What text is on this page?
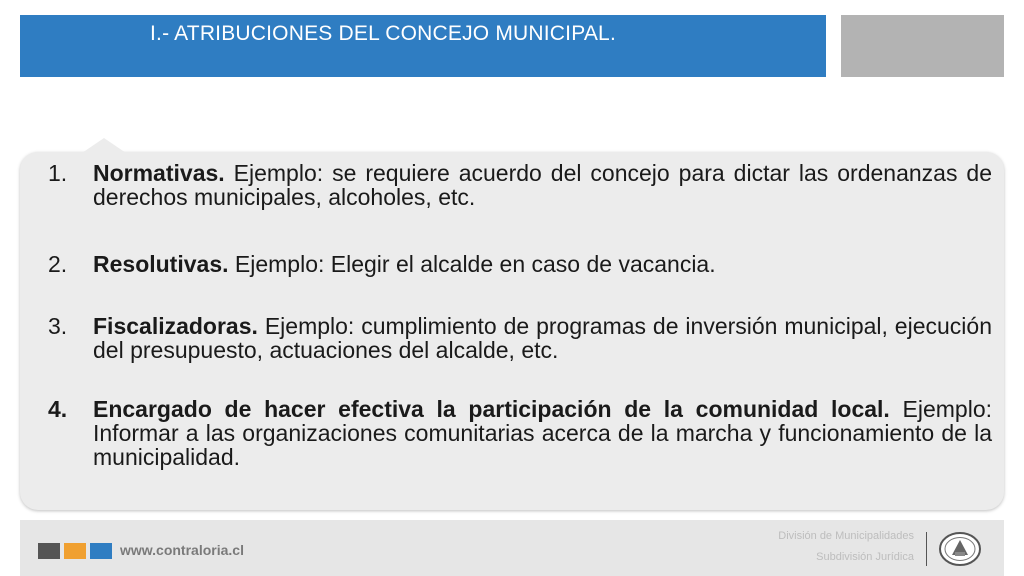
I.- ATRIBUCIONES DEL CONCEJO MUNICIPAL.
1.	Normativas. Ejemplo: se requiere acuerdo del concejo para dictar las ordenanzas de derechos municipales, alcoholes, etc.
2.	Resolutivas. Ejemplo: Elegir el alcalde en caso de vacancia.
3.	Fiscalizadoras. Ejemplo: cumplimiento de programas de inversión municipal, ejecución del presupuesto, actuaciones del alcalde, etc.
4.	Encargado de hacer efectiva la participación de la comunidad local. Ejemplo: Informar a las organizaciones comunitarias acerca de la marcha y funcionamiento de la municipalidad.
www.contraloria.cl
División de Municipalidades
Subdivisión Jurídica
